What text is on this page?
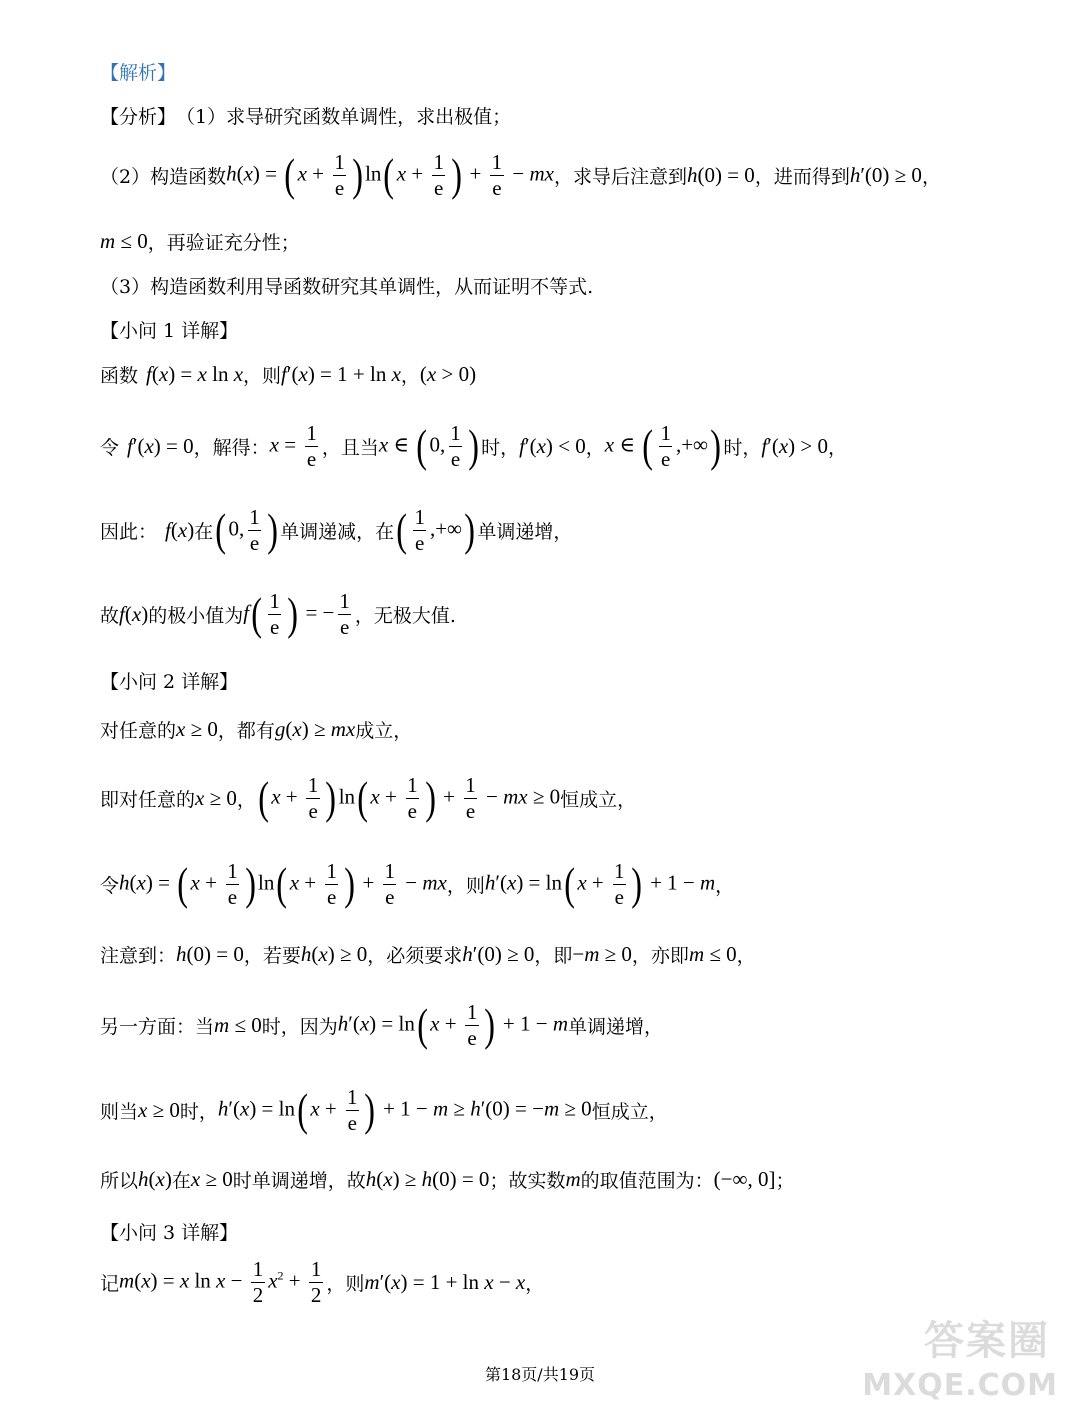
【解析】
【分析】 （1）求导研究函数单调性，求出极值；
（2）构造函数 h(x) = ( $x + \frac{1}{e}$ ) ln( $x + \frac{1}{e}$ ) + $\frac{1}{e}$ − mx ，求导后注意到 h(0) = 0 ，进而得到 h′(0) ≥ 0 ，
m ≤ 0 ，再验证充分性；
（3）构造函数利用导函数研究其单调性，从而证明不等式.
【小问 1 详解】
函数 f(x) = x ln x ，则 f′(x) = 1 + ln x ， (x > 0)
令 f′(x) = 0 ，解得： $x = \frac{1}{e}$ ，且当 x ∈ ( 0, $\frac{1}{e}$ ) 时， f′(x) < 0 ， x ∈ ( $\frac{1}{e}$ ,+∞) 时， f′(x) > 0 ，
因此： f(x) 在 ( 0, $\frac{1}{e}$ ) 单调递减，在 ( $\frac{1}{e}$ ,+∞) 单调递增，
故 f(x) 的极小值为 $f( \frac{1}{e}$ ) = − $\frac{1}{e}$ ，无极大值.
【小问 2 详解】
对任意的 x ≥ 0 ，都有 g(x) ≥ mx 成立，
即对任意的 x ≥ 0 ， ( $x + \frac{1}{e}$ ) ln( $x + \frac{1}{e}$ ) + $\frac{1}{e}$ − mx ≥ 0 恒成立，
令 h(x) = ( $x + \frac{1}{e}$ ) ln( $x + \frac{1}{e}$ ) + $\frac{1}{e}$ − mx ，则 h′(x) = ln( $x + \frac{1}{e}$ ) + 1 − m ，
注意到： h(0) = 0 ，若要 h(x) ≥ 0 ，必须要求 h′(0) ≥ 0 ，即 −m ≥ 0 ，亦即 m ≤ 0 ，
另一方面：当 m ≤ 0 时，因为 h′(x) = ln( $x + \frac{1}{e}$ ) + 1 − m 单调递增，
则当 x ≥ 0 时， h′(x) = ln( $x + \frac{1}{e}$ ) + 1 − m ≥ h′(0) = −m ≥ 0 恒成立，
所以 h(x) 在 x ≥ 0 时单调递增，故 h(x) ≥ h(0) = 0 ；故实数 m 的取值范围为： (−∞, 0] ；
【小问 3 详解】
记 m(x) = x $\ln x - \frac{1}{2} x^2 + \frac{1}{2}$ ，则 m′(x) = 1 + ln x − x ，
第18页/共19页
答案圈
MXQE.COM
